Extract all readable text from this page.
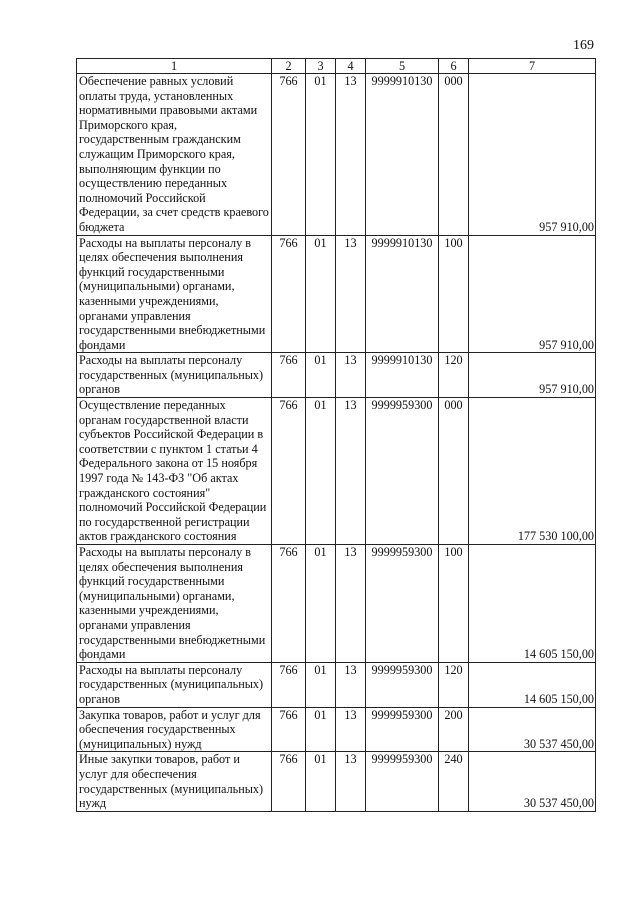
169
1	2	3	4	5	6	7
Обеспечение равных условий оплаты труда, установленных нормативными правовыми актами Приморского края, государственным гражданским служащим Приморского края, выполняющим функции по осуществлению переданных полномочий Российской Федерации, за счет средств краевого бюджета	766	01	13	9999910130	000	957 910,00
Расходы на выплаты персоналу в целях обеспечения выполнения функций государственными (муниципальными) органами, казенными учреждениями, органами управления государственными внебюджетными фондами	766	01	13	9999910130	100	957 910,00
Расходы на выплаты персоналу государственных (муниципальных) органов	766	01	13	9999910130	120	957 910,00
Осуществление переданных органам государственной власти субъектов Российской Федерации в соответствии с пунктом 1 статьи 4 Федерального закона от 15 ноября 1997 года № 143-ФЗ "Об актах гражданского состояния" полномочий Российской Федерации по государственной регистрации актов гражданского состояния	766	01	13	9999959300	000	177 530 100,00
Расходы на выплаты персоналу в целях обеспечения выполнения функций государственными (муниципальными) органами, казенными учреждениями, органами управления государственными внебюджетными фондами	766	01	13	9999959300	100	14 605 150,00
Расходы на выплаты персоналу государственных (муниципальных) органов	766	01	13	9999959300	120	14 605 150,00
Закупка товаров, работ и услуг для обеспечения государственных (муниципальных) нужд	766	01	13	9999959300	200	30 537 450,00
Иные закупки товаров, работ и услуг для обеспечения государственных (муниципальных) нужд	766	01	13	9999959300	240	30 537 450,00
